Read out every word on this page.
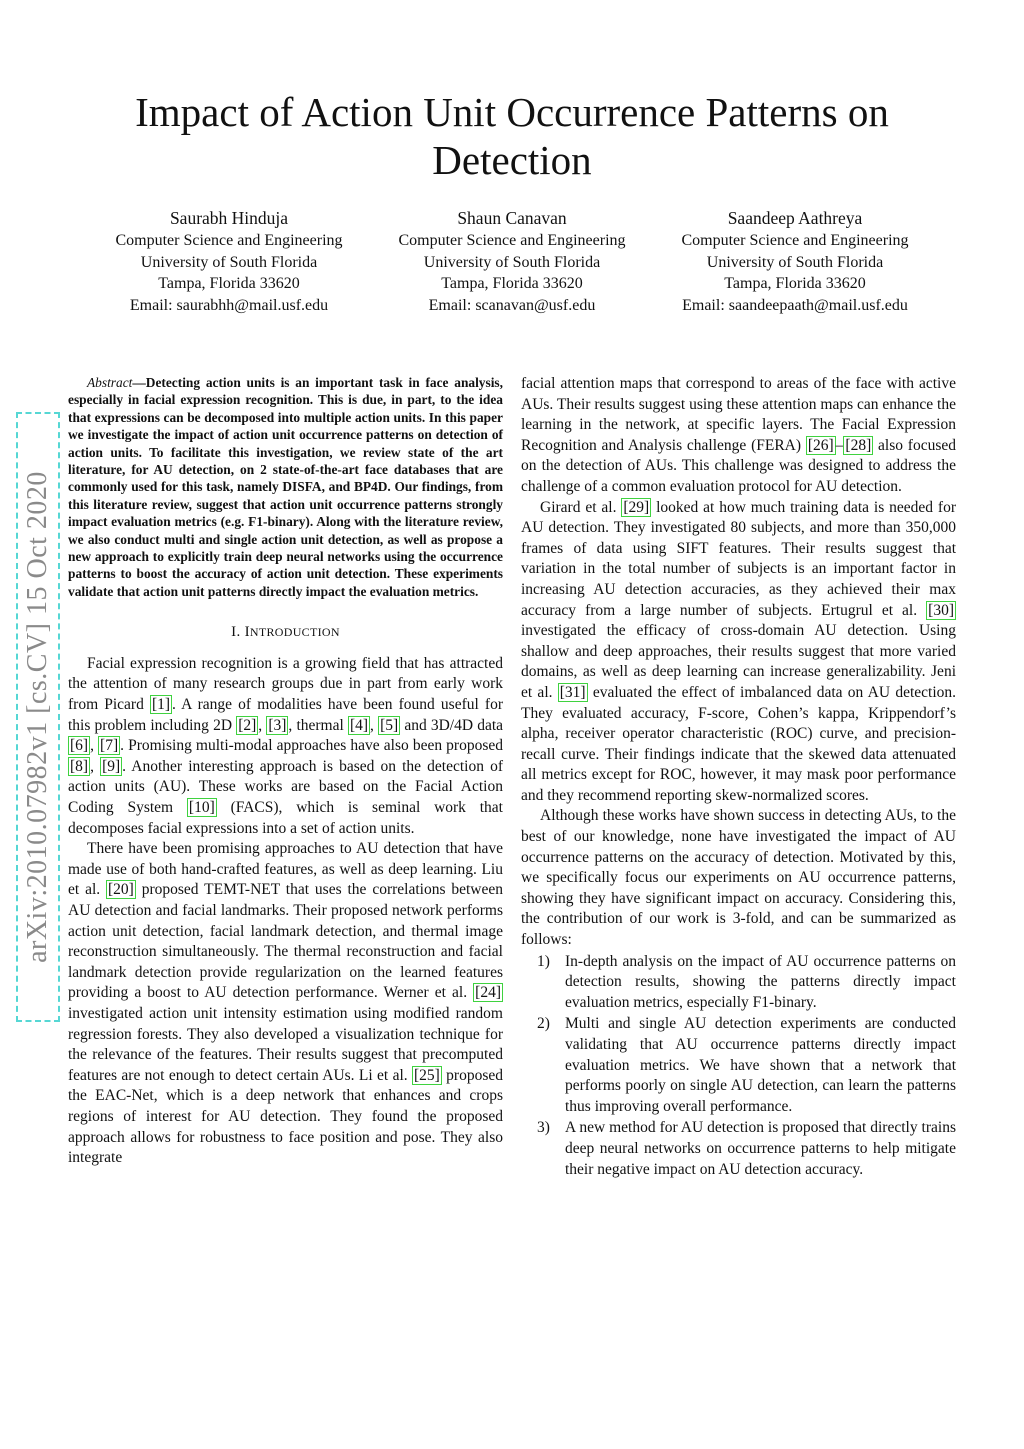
arXiv:2010.07982v1 [cs.CV] 15 Oct 2020
Impact of Action Unit Occurrence Patterns on Detection
Saurabh Hinduja
Computer Science and Engineering
University of South Florida
Tampa, Florida 33620
Email: saurabhh@mail.usf.edu
Shaun Canavan
Computer Science and Engineering
University of South Florida
Tampa, Florida 33620
Email: scanavan@usf.edu
Saandeep Aathreya
Computer Science and Engineering
University of South Florida
Tampa, Florida 33620
Email: saandeepaath@mail.usf.edu

Abstract—Detecting action units is an important task in face analysis, especially in facial expression recognition. This is due, in part, to the idea that expressions can be decomposed into multiple action units. In this paper we investigate the impact of action unit occurrence patterns on detection of action units. To facilitate this investigation, we review state of the art literature, for AU detection, on 2 state-of-the-art face databases that are commonly used for this task, namely DISFA, and BP4D. Our findings, from this literature review, suggest that action unit occurrence patterns strongly impact evaluation metrics (e.g. F1-binary). Along with the literature review, we also conduct multi and single action unit detection, as well as propose a new approach to explicitly train deep neural networks using the occurrence patterns to boost the accuracy of action unit detection. These experiments validate that action unit patterns directly impact the evaluation metrics.

I. INTRODUCTION

Facial expression recognition is a growing field that has attracted the attention of many research groups due in part from early work from Picard [1] . A range of modalities have been found useful for this problem including 2D [2] , [3] , thermal [4] , [5] and 3D/4D data [6] , [7] . Promising multi-modal approaches have also been proposed [8] , [9] . Another interesting approach is based on the detection of action units (AU). These works are based on the Facial Action Coding System [10] (FACS), which is seminal work that decomposes facial expressions into a set of action units.

There have been promising approaches to AU detection that have made use of both hand-crafted features, as well as deep learning. Liu et al. [20] proposed TEMT-NET that uses the correlations between AU detection and facial landmarks. Their proposed network performs action unit detection, facial landmark detection, and thermal image reconstruction simultaneously. The thermal reconstruction and facial landmark detection provide regularization on the learned features providing a boost to AU detection performance. Werner et al. [24] investigated action unit intensity estimation using modified random regression forests. They also developed a visualization technique for the relevance of the features. Their results suggest that precomputed features are not enough to detect certain AUs. Li et al. [25] proposed the EAC-Net, which is a deep network that enhances and crops regions of interest for AU detection. They found the proposed approach allows for robustness to face position and pose. They also integrate

facial attention maps that correspond to areas of the face with active AUs. Their results suggest using these attention maps can enhance the learning in the network, at specific layers. The Facial Expression Recognition and Analysis challenge (FERA) [26] – [28] also focused on the detection of AUs. This challenge was designed to address the challenge of a common evaluation protocol for AU detection.

Girard et al. [29] looked at how much training data is needed for AU detection. They investigated 80 subjects, and more than 350,000 frames of data using SIFT features. Their results suggest that variation in the total number of subjects is an important factor in increasing AU detection accuracies, as they achieved their max accuracy from a large number of subjects. Ertugrul et al. [30] investigated the efficacy of cross-domain AU detection. Using shallow and deep approaches, their results suggest that more varied domains, as well as deep learning can increase generalizability. Jeni et al. [31] evaluated the effect of imbalanced data on AU detection. They evaluated accuracy, F-score, Cohen’s kappa, Krippendorf’s alpha, receiver operator characteristic (ROC) curve, and precision-recall curve. Their findings indicate that the skewed data attenuated all metrics except for ROC, however, it may mask poor performance and they recommend reporting skew-normalized scores.

Although these works have shown success in detecting AUs, to the best of our knowledge, none have investigated the impact of AU occurrence patterns on the accuracy of detection. Motivated by this, we specifically focus our experiments on AU occurrence patterns, showing they have significant impact on accuracy. Considering this, the contribution of our work is 3-fold, and can be summarized as follows:

1) In-depth analysis on the impact of AU occurrence patterns on detection results, showing the patterns directly impact evaluation metrics, especially F1-binary.
2) Multi and single AU detection experiments are conducted validating that AU occurrence patterns directly impact evaluation metrics. We have shown that a network that performs poorly on single AU detection, can learn the patterns thus improving overall performance.
3) A new method for AU detection is proposed that directly trains deep neural networks on occurrence patterns to help mitigate their negative impact on AU detection accuracy.
